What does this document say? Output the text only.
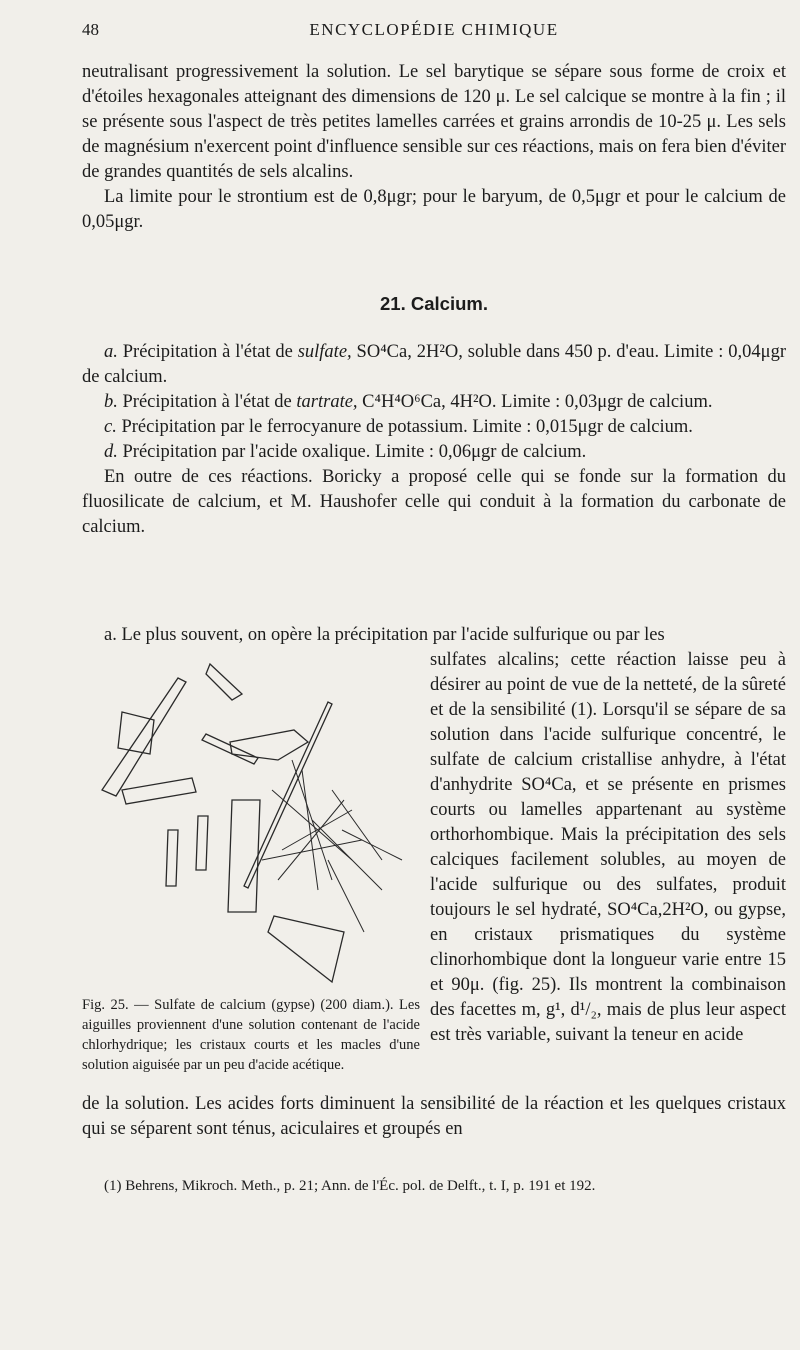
48	ENCYCLOPÉDIE CHIMIQUE

neutralisant progressivement la solution. Le sel barytique se sépare sous forme de croix et d'étoiles hexagonales atteignant des dimensions de 120 μ. Le sel calcique se montre à la fin ; il se présente sous l'aspect de très petites lamelles carrées et grains arrondis de 10-25 μ. Les sels de magnésium n'exercent point d'influence sensible sur ces réactions, mais on fera bien d'éviter de grandes quantités de sels alcalins.

La limite pour le strontium est de 0,8μgr; pour le baryum, de 0,5μgr et pour le calcium de 0,05μgr.

21. Calcium.

a. Précipitation à l'état de sulfate, SO⁴Ca, 2H²O, soluble dans 450 p. d'eau. Limite : 0,04μgr de calcium.

b. Précipitation à l'état de tartrate, C⁴H⁴O⁶Ca, 4H²O. Limite : 0,03μgr de calcium.

c. Précipitation par le ferrocyanure de potassium. Limite : 0,015μgr de calcium.

d. Précipitation par l'acide oxalique. Limite : 0,06μgr de calcium.

En outre de ces réactions. Boricky a proposé celle qui se fonde sur la formation du fluosilicate de calcium, et M. Haushofer celle qui conduit à la formation du carbonate de calcium.

a. Le plus souvent, on opère la précipitation par l'acide sulfurique ou par les
Fig. 25. — Sulfate de calcium (gypse) (200 diam.). Les aiguilles proviennent d'une solution contenant de l'acide chlorhydrique; les cristaux courts et les macles d'une solution aiguisée par un peu d'acide acétique.
sulfates alcalins; cette réaction laisse peu à désirer au point de vue de la netteté, de la sûreté et de la sensibilité (1). Lorsqu'il se sépare de sa solution dans l'acide sulfurique concentré, le sulfate de calcium cristallise anhydre, à l'état d'anhydrite SO⁴Ca, et se présente en prismes courts ou lamelles appartenant au système orthorhombique. Mais la précipitation des sels calciques facilement solubles, au moyen de l'acide sulfurique ou des sulfates, produit toujours le sel hydraté, SO⁴Ca,2H²O, ou gypse, en cristaux prismatiques du système clinorhombique dont la longueur varie entre 15 et 90μ. (fig. 25). Ils montrent la combinaison des facettes m, g¹, d¹/₂, mais de plus leur aspect est très variable, suivant la teneur en acide
de la solution. Les acides forts diminuent la sensibilité de la réaction et les quelques cristaux qui se séparent sont ténus, aciculaires et groupés en
(1) Behrens, Mikroch. Meth., p. 21; Ann. de l'Éc. pol. de Delft., t. I, p. 191 et 192.
